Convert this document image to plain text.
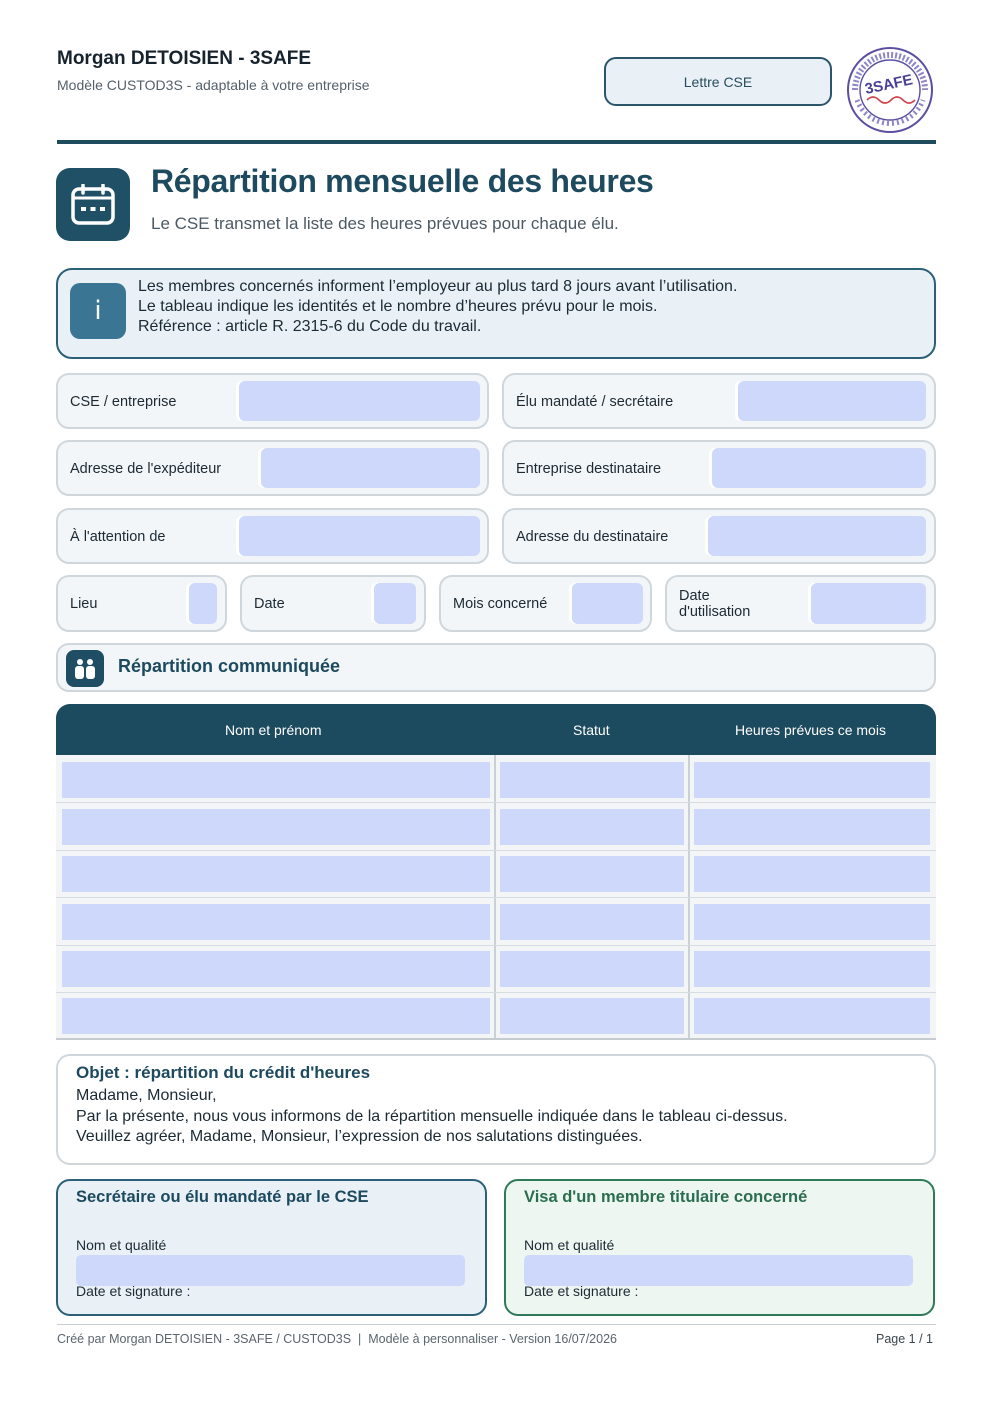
Morgan DETOISIEN - 3SAFE
Modèle CUSTOD3S - adaptable à votre entreprise	Lettre CSE	3SAFE
Répartition mensuelle des heures
Le CSE transmet la liste des heures prévues pour chaque élu.
i
Les membres concernés informent l’employeur au plus tard 8 jours avant l’utilisation.
Le tableau indique les identités et le nombre d’heures prévu pour le mois.
Référence : article R. 2315-6 du Code du travail.
CSE / entreprise	Élu mandaté / secrétaire
Adresse de l'expéditeur	Entreprise destinataire
À l'attention de	Adresse du destinataire
Lieu	Date	Mois concerné	Date
d'utilisation
Répartition communiquée
Nom et prénom	Statut	Heures prévues ce mois
Objet : répartition du crédit d'heures
Madame, Monsieur,
Par la présente, nous vous informons de la répartition mensuelle indiquée dans le tableau ci-dessus.
Veuillez agréer, Madame, Monsieur, l’expression de nos salutations distinguées.
Secrétaire ou élu mandaté par le CSE
Nom et qualité
Date et signature :
Visa d'un membre titulaire concerné
Nom et qualité
Date et signature :
Créé par Morgan DETOISIEN - 3SAFE / CUSTOD3S  |  Modèle à personnaliser - Version 16/07/2026	Page 1 / 1
